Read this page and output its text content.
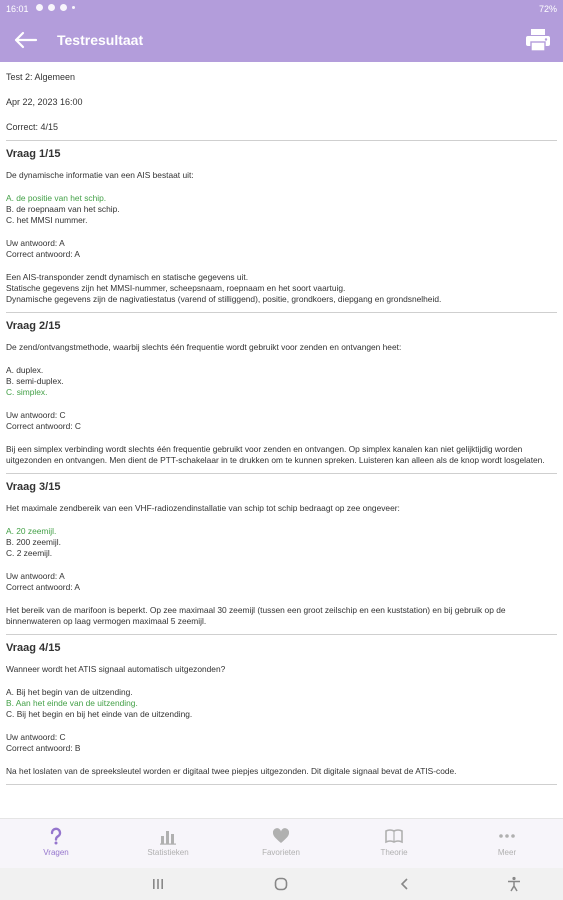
16:01	72%
Testresultaat
Test 2: Algemeen
Apr 22, 2023 16:00
Correct: 4/15
Vraag 1/15
De dynamische informatie van een AIS bestaat uit:
A. de positie van het schip.
B. de roepnaam van het schip.
C. het MMSI nummer.
Uw antwoord: A
Correct antwoord: A
Een AIS-transponder zendt dynamisch en statische gegevens uit.
Statische gegevens zijn het MMSI-nummer, scheepsnaam, roepnaam en het soort vaartuig.
Dynamische gegevens zijn de nagivatiestatus (varend of stilliggend), positie, grondkoers, diepgang en grondsnelheid.
Vraag 2/15
De zend/ontvangstmethode, waarbij slechts één frequentie wordt gebruikt voor zenden en ontvangen heet:
A. duplex.
B. semi-duplex.
C. simplex.
Uw antwoord: C
Correct antwoord: C
Bij een simplex verbinding wordt slechts één frequentie gebruikt voor zenden en ontvangen. Op simplex kanalen kan niet gelijktijdig worden uitgezonden en ontvangen. Men dient de PTT-schakelaar in te drukken om te kunnen spreken. Luisteren kan alleen als de knop wordt losgelaten.
Vraag 3/15
Het maximale zendbereik van een VHF-radiozendinstallatie van schip tot schip bedraagt op zee ongeveer:
A. 20 zeemijl.
B. 200 zeemijl.
C. 2 zeemijl.
Uw antwoord: A
Correct antwoord: A
Het bereik van de marifoon is beperkt. Op zee maximaal 30 zeemijl (tussen een groot zeilschip en een kuststation) en bij gebruik op de binnenwateren op laag vermogen maximaal 5 zeemijl.
Vraag 4/15
Wanneer wordt het ATIS signaal automatisch uitgezonden?
A. Bij het begin van de uitzending.
B. Aan het einde van de uitzending.
C. Bij het begin en bij het einde van de uitzending.
Uw antwoord: C
Correct antwoord: B
Na het loslaten van de spreeksleutel worden er digitaal twee piepjes uitgezonden. Dit digitale signaal bevat de ATIS-code.
Vragen	Statistieken	Favorieten	Theorie	Meer
